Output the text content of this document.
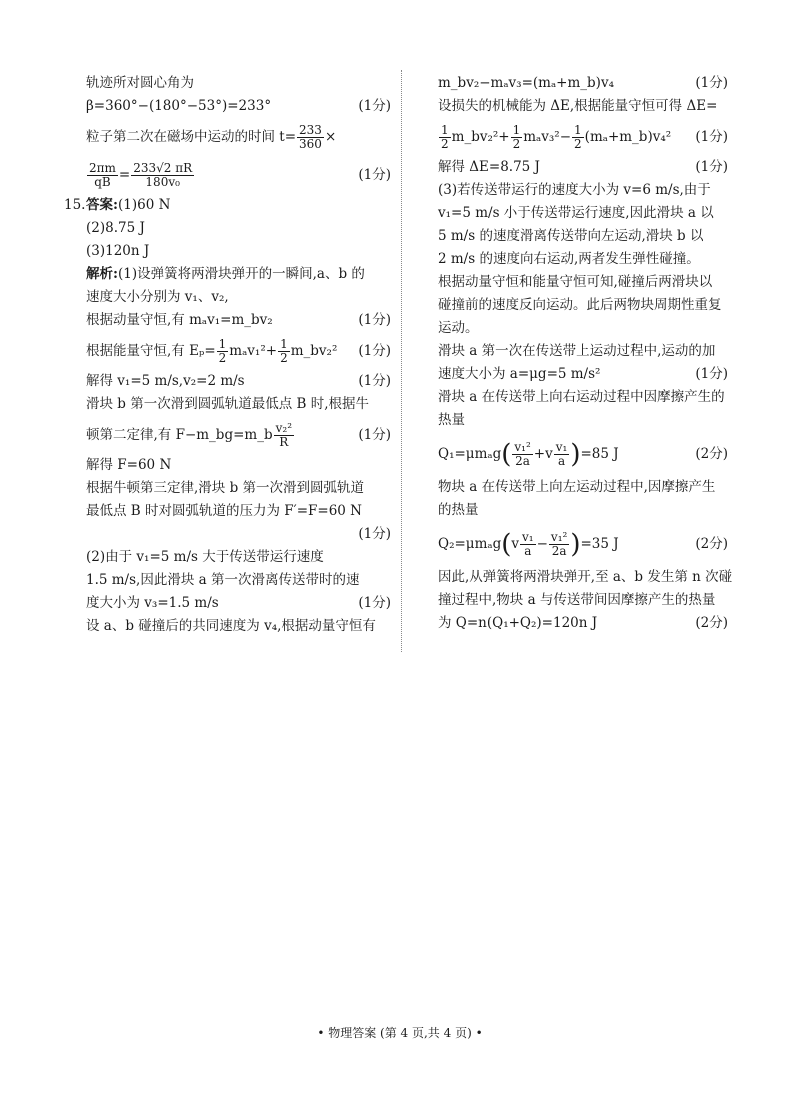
轨迹所对圆心角为
β=360°−(180°−53°)=233°	(1分)
粒子第二次在磁场中运动的时间 $t= \frac{233}{360}$ ×
$\frac{2\pi m}{qB} = \frac{233√2 \pi R}{\text{180v₀}}$	(1分)
15. 答案:(1)60 N
(2)8.75 J
(3)120n J
解析:(1)设弹簧将两滑块弹开的一瞬间,a、b 的
速度大小分别为 v₁、v₂,
根据动量守恒,有 mₐv₁=m_bv₂	(1分)
根据能量守恒,有 $E_p= \frac{1}{2} m_av_1^2+ \frac{1}{2}$ m_bv₂² (1分)
解得 v₁=5 m/s,v₂=2 m/s	(1分)
滑块 b 第一次滑到圆弧轨道最低点 B 时,根据牛
顿第二定律,有 F−m_bg=m_b $\frac{\text{v₂²}}{R}$	(1分)
解得 F=60 N
根据牛顿第三定律,滑块 b 第一次滑到圆弧轨道
最低点 B 时对圆弧轨道的压力为 F′=F=60 N
(1分)
(2)由于 v₁=5 m/s 大于传送带运行速度
1.5 m/s,因此滑块 a 第一次滑离传送带时的速
度大小为 v₃=1.5 m/s	(1分)
设 a、b 碰撞后的共同速度为 v₄,根据动量守恒有
m_bv₂−mₐv₃=(mₐ+m_b)v₄	(1分)
设损失的机械能为 ΔE,根据能量守恒可得 ΔE=
$\frac{1}{2}$ m_bv₂²+ $\frac{1}{2} m_av_3^2- \frac{1}{2}$ (mₐ+m_b)v₄² (1分)
解得 ΔE=8.75 J	(1分)
(3)若传送带运行的速度大小为 v=6 m/s,由于
v₁=5 m/s 小于传送带运行速度,因此滑块 a 以
5 m/s 的速度滑离传送带向左运动,滑块 b 以
2 m/s 的速度向右运动,两者发生弹性碰撞。
根据动量守恒和能量守恒可知,碰撞后两滑块以
碰撞前的速度反向运动。此后两物块周期性重复
运动。
滑块 a 第一次在传送带上运动过程中,运动的加
速度大小为 a=μg=5 m/s²	(1分)
滑块 a 在传送带上向右运动过程中因摩擦产生的
热量
$Q_1=\mu m_ag( \frac{\text{v₁²}}{2a} +v \frac{\text{v₁}}{a} )=85$ J	(2分)
物块 a 在传送带上向左运动过程中,因摩擦产生
的热量
$Q_2=\mu m_ag(v \frac{\text{v₁}}{a} - \frac{\text{v₁²}}{2a} )=35$ J	(2分)
因此,从弹簧将两滑块弹开,至 a、b 发生第 n 次碰
撞过程中,物块 a 与传送带间因摩擦产生的热量
为 Q=n(Q₁+Q₂)=120n J	(2分)
• 物理答案 (第 4 页,共 4 页) •
